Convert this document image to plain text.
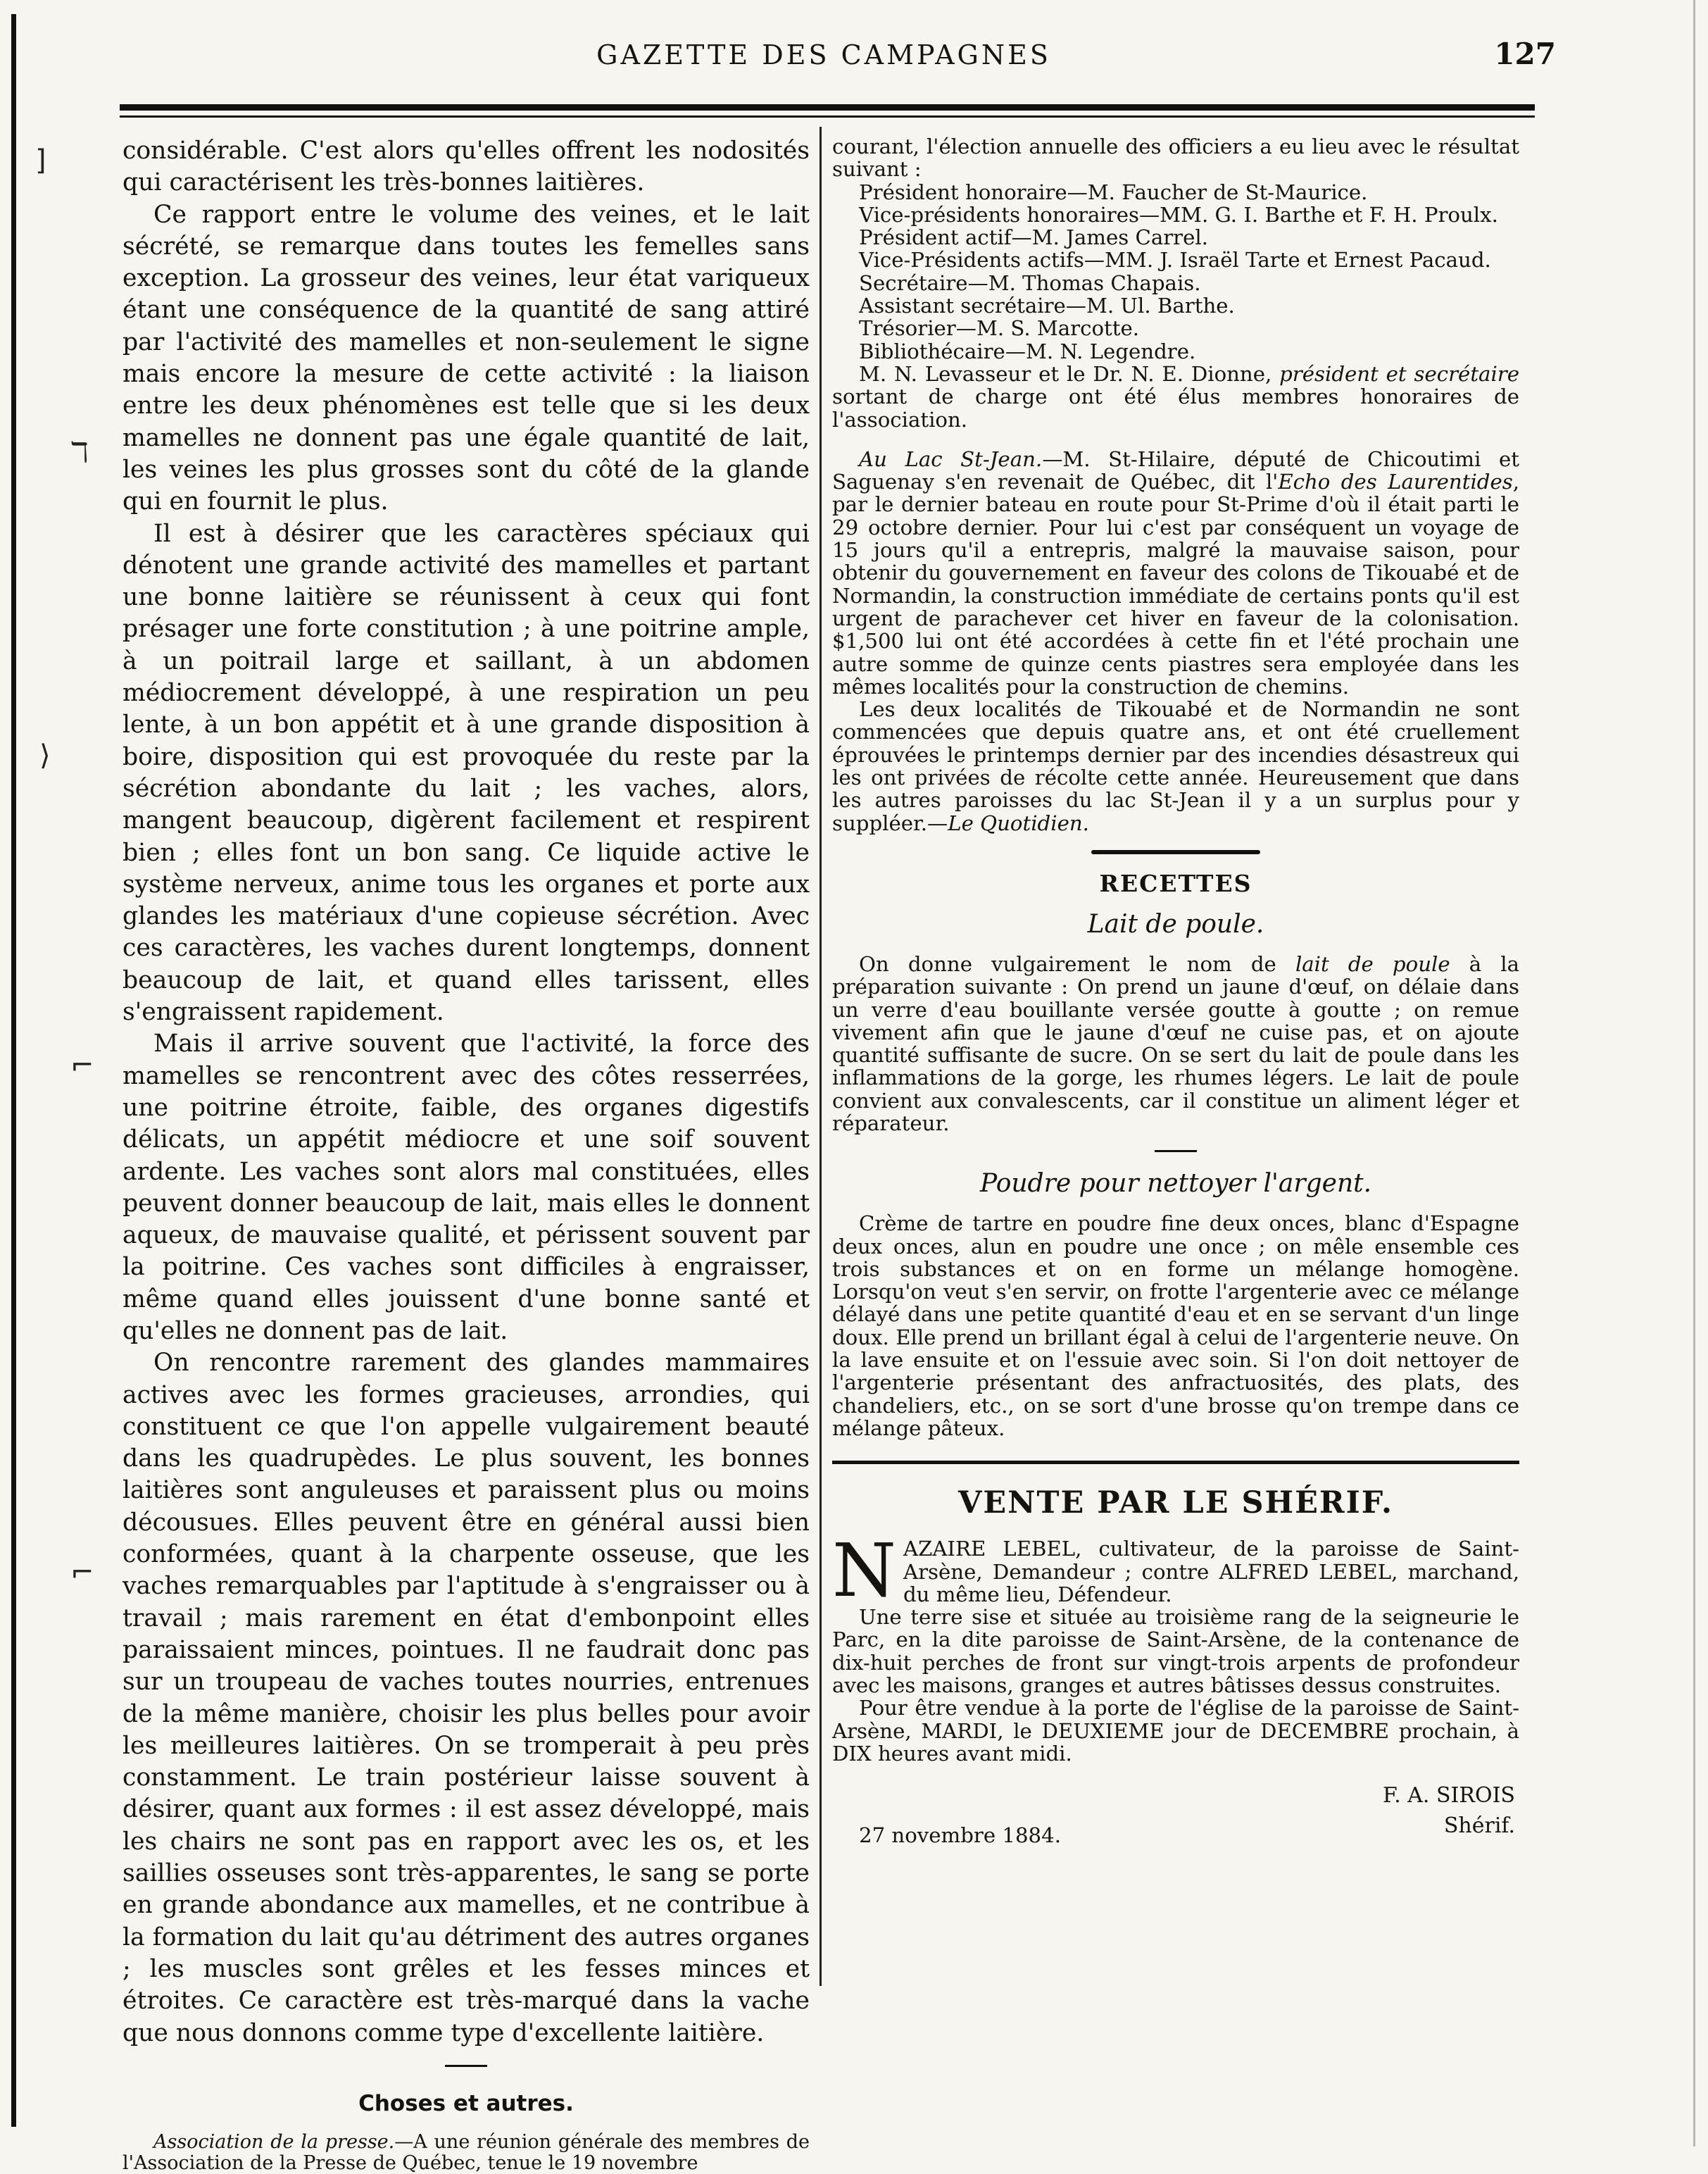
]
ℸ
⟩
⌐
⌐
GAZETTE DES CAMPAGNES	127

considérable. C'est alors qu'elles offrent les nodosités qui caractérisent les très-bonnes laitières.

Ce rapport entre le volume des veines, et le lait sécrété, se remarque dans toutes les femelles sans exception. La grosseur des veines, leur état variqueux étant une conséquence de la quantité de sang attiré par l'activité des mamelles et non-seulement le signe mais encore la mesure de cette activité : la liaison entre les deux phénomènes est telle que si les deux mamelles ne donnent pas une égale quantité de lait, les veines les plus grosses sont du côté de la glande qui en fournit le plus.

Il est à désirer que les caractères spéciaux qui dénotent une grande activité des mamelles et partant une bonne laitière se réunissent à ceux qui font présager une forte constitution ; à une poitrine ample, à un poitrail large et saillant, à un abdomen médiocrement développé, à une respiration un peu lente, à un bon appétit et à une grande disposition à boire, disposition qui est provoquée du reste par la sécrétion abondante du lait ; les vaches, alors, mangent beaucoup, digèrent facilement et respirent bien ; elles font un bon sang. Ce liquide active le système nerveux, anime tous les organes et porte aux glandes les matériaux d'une copieuse sécrétion. Avec ces caractères, les vaches durent longtemps, donnent beaucoup de lait, et quand elles tarissent, elles s'engraissent rapidement.

Mais il arrive souvent que l'activité, la force des mamelles se rencontrent avec des côtes resserrées, une poitrine étroite, faible, des organes digestifs délicats, un appétit médiocre et une soif souvent ardente. Les vaches sont alors mal constituées, elles peuvent donner beaucoup de lait, mais elles le donnent aqueux, de mauvaise qualité, et périssent souvent par la poitrine. Ces vaches sont difficiles à engraisser, même quand elles jouissent d'une bonne santé et qu'elles ne donnent pas de lait.

On rencontre rarement des glandes mammaires actives avec les formes gracieuses, arrondies, qui constituent ce que l'on appelle vulgairement beauté dans les quadrupèdes. Le plus souvent, les bonnes laitières sont anguleuses et paraissent plus ou moins décousues. Elles peuvent être en général aussi bien conformées, quant à la charpente osseuse, que les vaches remarquables par l'aptitude à s'engraisser ou à travail ; mais rarement en état d'embonpoint elles paraissaient minces, pointues. Il ne faudrait donc pas sur un troupeau de vaches toutes nourries, entrenues de la même manière, choisir les plus belles pour avoir les meilleures laitières. On se tromperait à peu près constamment. Le train postérieur laisse souvent à désirer, quant aux formes : il est assez développé, mais les chairs ne sont pas en rapport avec les os, et les saillies osseuses sont très-apparentes, le sang se porte en grande abondance aux mamelles, et ne contribue à la formation du lait qu'au détriment des autres organes ; les muscles sont grêles et les fesses minces et étroites. Ce caractère est très-marqué dans la vache que nous donnons comme type d'excellente laitière.

Choses et autres.

Association de la presse.—A une réunion générale des membres de l'Association de la Presse de Québec, tenue le 19 novembre

courant, l'élection annuelle des officiers a eu lieu avec le résultat suivant :

Président honoraire—M. Faucher de St-Maurice.

Vice-présidents honoraires—MM. G. I. Barthe et F. H. Proulx.

Président actif—M. James Carrel.

Vice-Présidents actifs—MM. J. Israël Tarte et Ernest Pacaud.

Secrétaire—M. Thomas Chapais.

Assistant secrétaire—M. Ul. Barthe.

Trésorier—M. S. Marcotte.

Bibliothécaire—M. N. Legendre.

M. N. Levasseur et le Dr. N. E. Dionne, président et secrétaire sortant de charge ont été élus membres honoraires de l'association.

Au Lac St-Jean.—M. St-Hilaire, député de Chicoutimi et Saguenay s'en revenait de Québec, dit l'Echo des Laurentides, par le dernier bateau en route pour St-Prime d'où il était parti le 29 octobre dernier. Pour lui c'est par conséquent un voyage de 15 jours qu'il a entrepris, malgré la mauvaise saison, pour obtenir du gouvernement en faveur des colons de Tikouabé et de Normandin, la construction immédiate de certains ponts qu'il est urgent de parachever cet hiver en faveur de la colonisation. $1,500 lui ont été accordées à cette fin et l'été prochain une autre somme de quinze cents piastres sera employée dans les mêmes localités pour la construction de chemins.

Les deux localités de Tikouabé et de Normandin ne sont commencées que depuis quatre ans, et ont été cruellement éprouvées le printemps dernier par des incendies désastreux qui les ont privées de récolte cette année. Heureusement que dans les autres paroisses du lac St-Jean il y a un surplus pour y suppléer.—Le Quotidien.

RECETTES
Lait de poule.

On donne vulgairement le nom de lait de poule à la préparation suivante : On prend un jaune d'œuf, on délaie dans un verre d'eau bouillante versée goutte à goutte ; on remue vivement afin que le jaune d'œuf ne cuise pas, et on ajoute quantité suffisante de sucre. On se sert du lait de poule dans les inflammations de la gorge, les rhumes légers. Le lait de poule convient aux convalescents, car il constitue un aliment léger et réparateur.

Poudre pour nettoyer l'argent.

Crème de tartre en poudre fine deux onces, blanc d'Espagne deux onces, alun en poudre une once ; on mêle ensemble ces trois substances et on en forme un mélange homogène. Lorsqu'on veut s'en servir, on frotte l'argenterie avec ce mélange délayé dans une petite quantité d'eau et en se servant d'un linge doux. Elle prend un brillant égal à celui de l'argenterie neuve. On la lave ensuite et on l'essuie avec soin. Si l'on doit nettoyer de l'argenterie présentant des anfractuosités, des plats, des chandeliers, etc., on se sort d'une brosse qu'on trempe dans ce mélange pâteux.

VENTE PAR LE SHÉRIF.

NAZAIRE LEBEL, cultivateur, de la paroisse de Saint-Arsène, Demandeur ; contre ALFRED LEBEL, marchand, du même lieu, Défendeur.

Une terre sise et située au troisième rang de la seigneurie le Parc, en la dite paroisse de Saint-Arsène, de la contenance de dix-huit perches de front sur vingt-trois arpents de profondeur avec les maisons, granges et autres bâtisses dessus construites.

Pour être vendue à la porte de l'église de la paroisse de Saint-Arsène, MARDI, le DEUXIEME jour de DECEMBRE prochain, à DIX heures avant midi.

F. A. SIROIS
Shérif.

27 novembre 1884.
